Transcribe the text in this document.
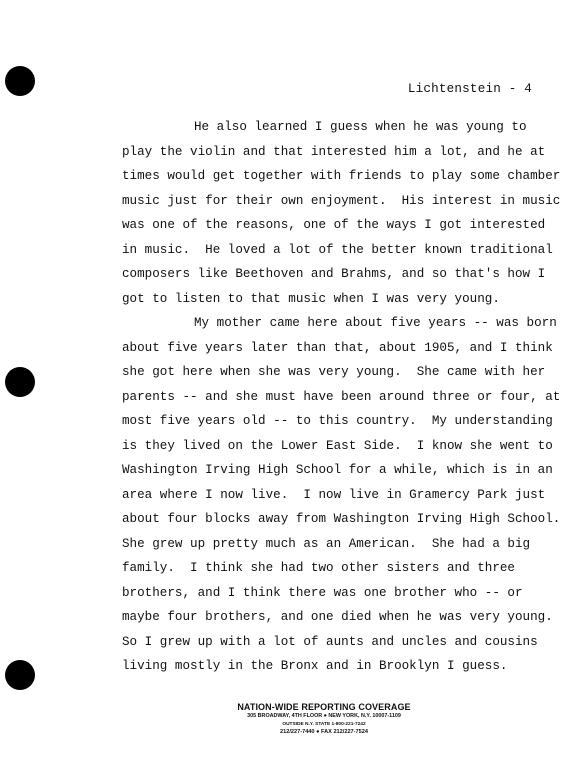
Lichtenstein - 4
He also learned I guess when he was young to
play the violin and that interested him a lot, and he at
times would get together with friends to play some chamber
music just for their own enjoyment.  His interest in music
was one of the reasons, one of the ways I got interested
in music.  He loved a lot of the better known traditional
composers like Beethoven and Brahms, and so that's how I
got to listen to that music when I was very young.
My mother came here about five years -- was born
about five years later than that, about 1905, and I think
she got here when she was very young.  She came with her
parents -- and she must have been around three or four, at
most five years old -- to this country.  My understanding
is they lived on the Lower East Side.  I know she went to
Washington Irving High School for a while, which is in an
area where I now live.  I now live in Gramercy Park just
about four blocks away from Washington Irving High School.
She grew up pretty much as an American.  She had a big
family.  I think she had two other sisters and three
brothers, and I think there was one brother who -- or
maybe four brothers, and one died when he was very young.
So I grew up with a lot of aunts and uncles and cousins
living mostly in the Bronx and in Brooklyn I guess.
NATION-WIDE REPORTING COVERAGE
305 BROADWAY, 4TH FLOOR ● NEW YORK, N.Y. 10007-1109
OUTSIDE N.Y. STATE 1-800-221-7242
212/227-7440 ● FAX 212/227-7524
